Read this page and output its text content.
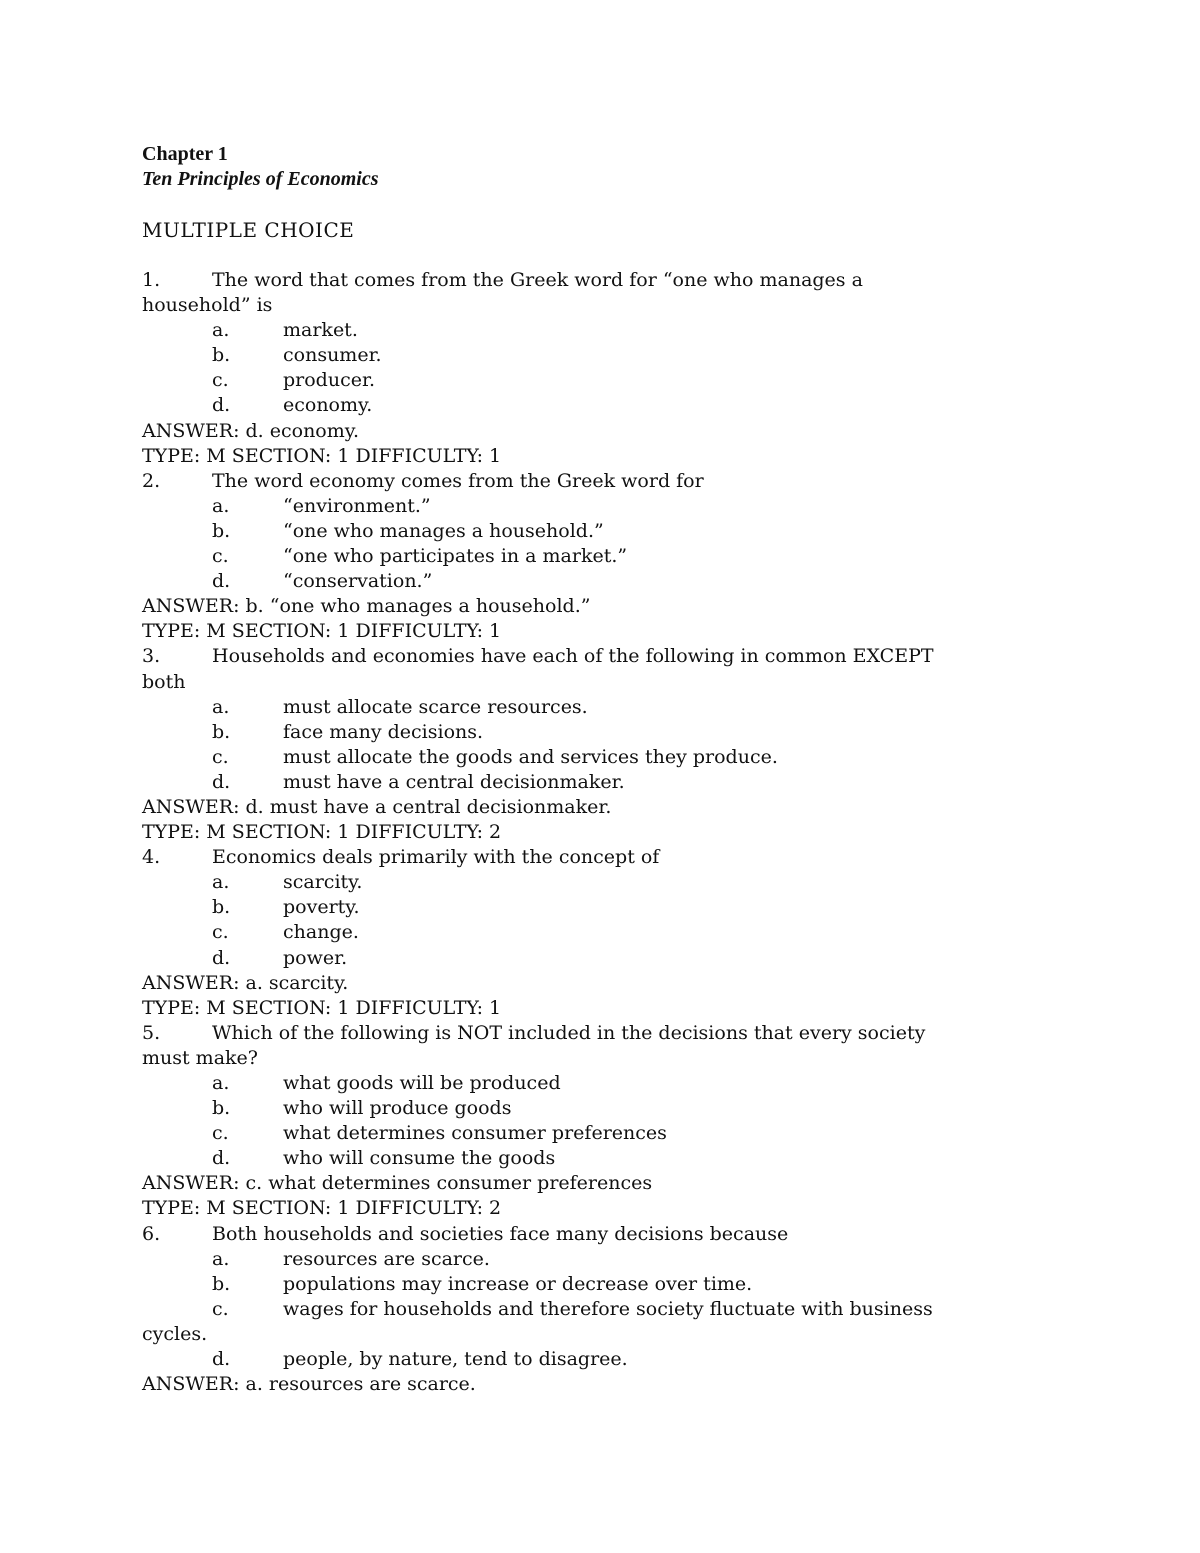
Chapter 1

Ten Principles of Economics

MULTIPLE CHOICE
1.	The word that comes from the Greek word for “one who manages a
household” is
a.	market.
b.	consumer.
c.	producer.
d.	economy.
ANSWER: d. economy.
TYPE: M SECTION: 1 DIFFICULTY: 1
2.	The word economy comes from the Greek word for
a.	“environment.”
b.	“one who manages a household.”
c.	“one who participates in a market.”
d.	“conservation.”
ANSWER: b. “one who manages a household.”
TYPE: M SECTION: 1 DIFFICULTY: 1
3.	Households and economies have each of the following in common EXCEPT
both
a.	must allocate scarce resources.
b.	face many decisions.
c.	must allocate the goods and services they produce.
d.	must have a central decisionmaker.
ANSWER: d. must have a central decisionmaker.
TYPE: M SECTION: 1 DIFFICULTY: 2
4.	Economics deals primarily with the concept of
a.	scarcity.
b.	poverty.
c.	change.
d.	power.
ANSWER: a. scarcity.
TYPE: M SECTION: 1 DIFFICULTY: 1
5.	Which of the following is NOT included in the decisions that every society
must make?
a.	what goods will be produced
b.	who will produce goods
c.	what determines consumer preferences
d.	who will consume the goods
ANSWER: c. what determines consumer preferences
TYPE: M SECTION: 1 DIFFICULTY: 2
6.	Both households and societies face many decisions because
a.	resources are scarce.
b.	populations may increase or decrease over time.
c.	wages for households and therefore society fluctuate with business
cycles.
d.	people, by nature, tend to disagree.
ANSWER: a. resources are scarce.
